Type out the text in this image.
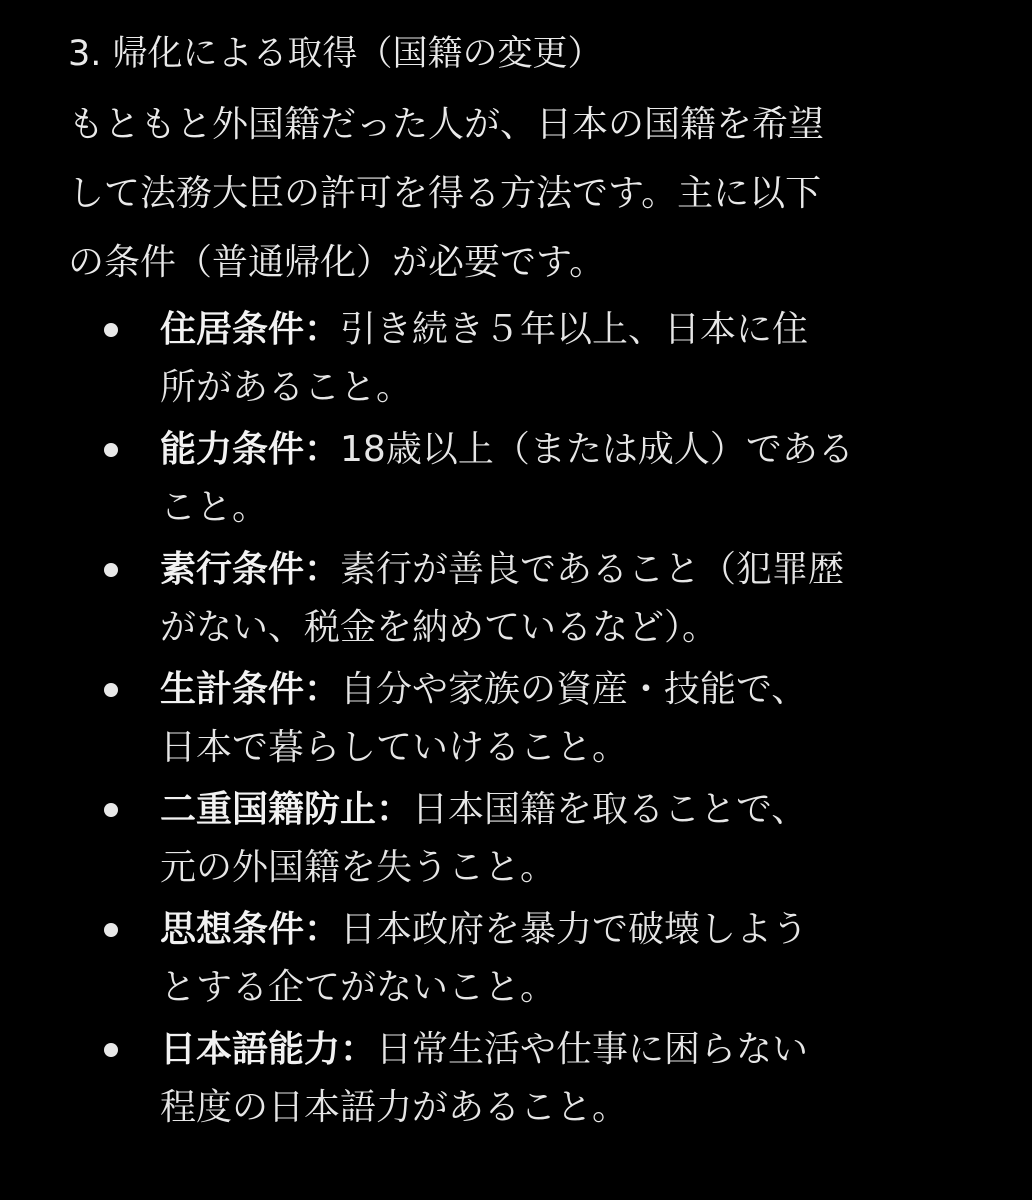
3. 帰化による取得（国籍の変更）

もともと外国籍だった人が、日本の国籍を希望
して法務大臣の許可を得る方法です。主に以下
の条件（普通帰化）が必要です。

住居条件：引き続き５年以上、日本に住
所があること。
能力条件：18歳以上（または成人）である
こと。
素行条件：素行が善良であること（犯罪歴
がない、税金を納めているなど）。
生計条件：自分や家族の資産・技能で、
日本で暮らしていけること。
二重国籍防止：日本国籍を取ることで、
元の外国籍を失うこと。
思想条件：日本政府を暴力で破壊しよう
とする企てがないこと。
日本語能力：日常生活や仕事に困らない
程度の日本語力があること。
